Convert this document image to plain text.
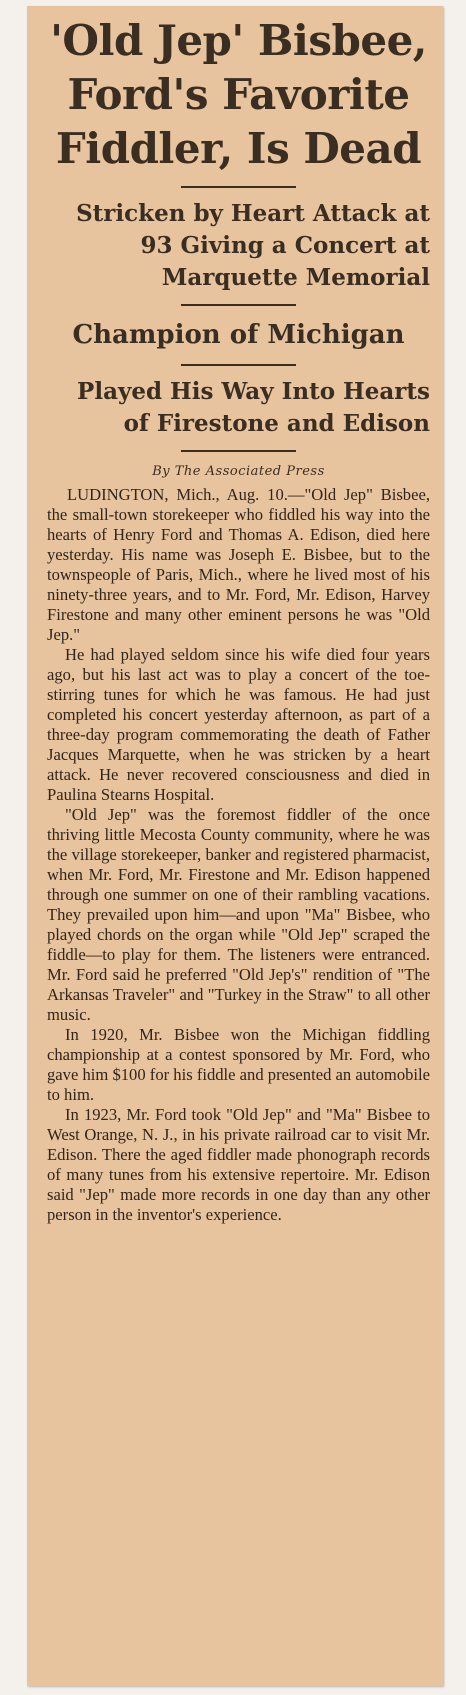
'Old Jep' Bisbee, Ford's Favorite Fiddler, Is Dead
Stricken by Heart Attack at 93 Giving a Concert at Marquette Memorial
Champion of Michigan
Played His Way Into Hearts of Firestone and Edison
By The Associated Press

LUDINGTON, Mich., Aug. 10.—"Old Jep" Bisbee, the small-town storekeeper who fiddled his way into the hearts of Henry Ford and Thomas A. Edison, died here yesterday. His name was Joseph E. Bisbee, but to the townspeople of Paris, Mich., where he lived most of his ninety-three years, and to Mr. Ford, Mr. Edison, Harvey Firestone and many other eminent persons he was "Old Jep."

He had played seldom since his wife died four years ago, but his last act was to play a concert of the toe-stirring tunes for which he was famous. He had just completed his concert yesterday afternoon, as part of a three-day program commemorating the death of Father Jacques Marquette, when he was stricken by a heart attack. He never recovered consciousness and died in Paulina Stearns Hospital.

"Old Jep" was the foremost fiddler of the once thriving little Mecosta County community, where he was the village storekeeper, banker and registered pharmacist, when Mr. Ford, Mr. Firestone and Mr. Edison happened through one summer on one of their rambling vacations. They prevailed upon him—and upon "Ma" Bisbee, who played chords on the organ while "Old Jep" scraped the fiddle—to play for them. The listeners were entranced. Mr. Ford said he preferred "Old Jep's" rendition of "The Arkansas Traveler" and "Turkey in the Straw" to all other music.

In 1920, Mr. Bisbee won the Michigan fiddling championship at a contest sponsored by Mr. Ford, who gave him $100 for his fiddle and presented an automobile to him.

In 1923, Mr. Ford took "Old Jep" and "Ma" Bisbee to West Orange, N. J., in his private railroad car to visit Mr. Edison. There the aged fiddler made phonograph records of many tunes from his extensive repertoire. Mr. Edison said "Jep" made more records in one day than any other person in the inventor's experience.
